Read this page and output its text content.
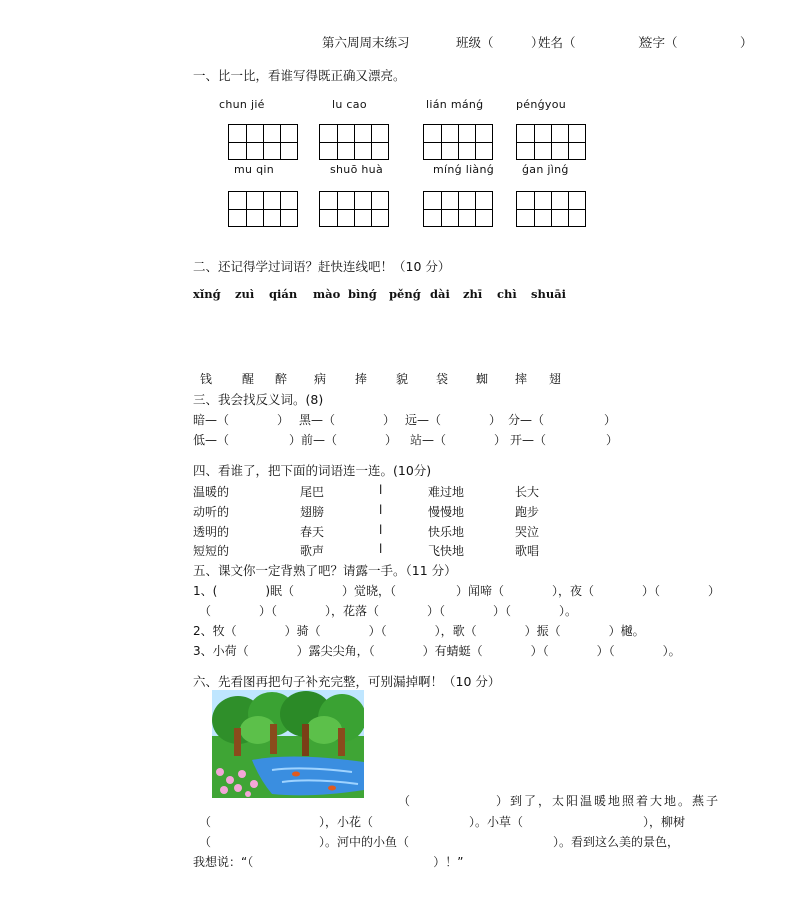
第六周周末练习	班级（　　　）
姓名（　　　　　）
签字（　　　　　）
一、比一比，看谁写得既正确又漂亮。
chun jié	lu cao	lián mánǵ	pénǵyou
mu qin	shuō huà	mínǵ liànǵ	ǵan jìnǵ
二、还记得学过词语？赶快连线吧！（10 分）
xǐnǵ zuì qián mào bìnǵ pěnǵ dài zhī chì shuāi
钱 醒 醉 病 捧 貌 袋 蜘 摔 翅
三、我会找反义词。(8)
暗—（　　　　） 黑—（　　　　） 远—（　　　　） 分—（　　　　　）
低—（　　　　　） 前—（　　　　） 站—（　　　　） 开—（　　　　　）
四、看谁了，把下面的词语连一连。(10分)
温暖的	尾巴	l	难过地	长大
动听的	翅膀	l	慢慢地	跑步
透明的	春天	l	快乐地	哭泣
短短的	歌声	l	飞快地	歌唱
五、课文你一定背熟了吧？请露一手。（11 分）
1、(　　　　)眠（　　　　）觉晓，（　　　　　）闻啼（　　　　），夜（　　　　）（　　　　）
（　　　　）（　　　　），花落（　　　　）（　　　　）（　　　　）。
2、牧（　　　　）骑（　　　　）（　　　　），歌（　　　　）振（　　　　）樾。
3、小荷（　　　　）露尖尖角，（　　　　）有蜻蜓（　　　　）（　　　　）（　　　　）。
六、先看图再把句子补充完整，可别漏掉啊！（10 分）
（　　　　　　）到了，太阳温暖地照着大地。燕子
（　　　　　　　　　），小花（　　　　　　　　）。小草（　　　　　　　　　　），柳树
（　　　　　　　　　）。河中的小鱼（　　　　　　　　　　　　）。看到这么美的景色，
我想说：“（　　　　　　　　　　　　　　　）！”
